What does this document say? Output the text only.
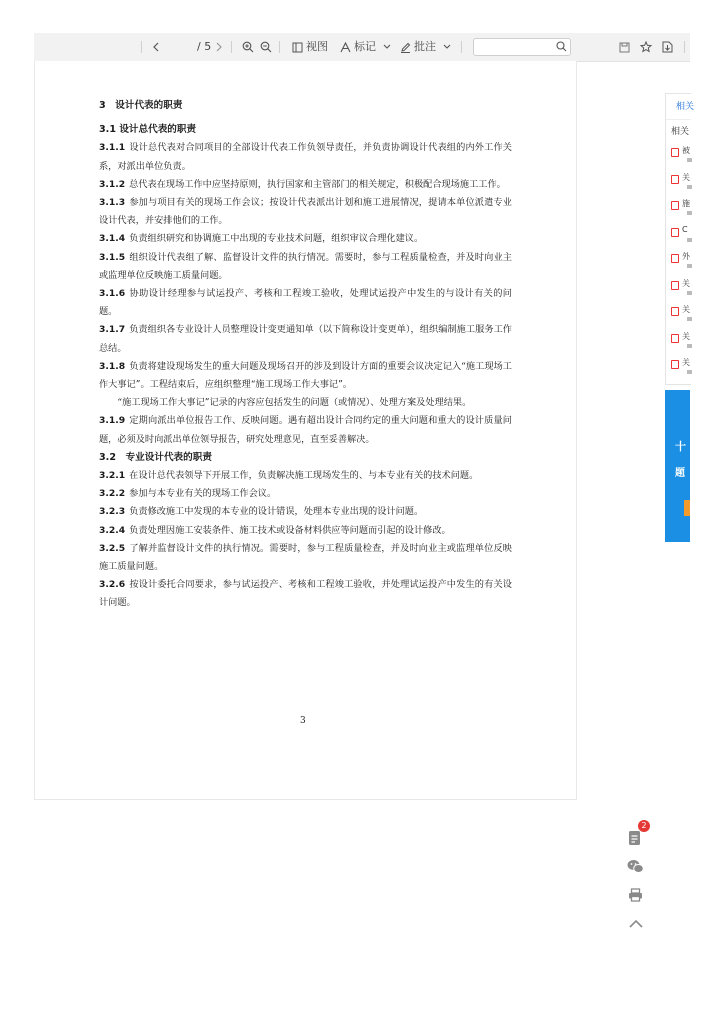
/ 5	视图 标记	批注

3　设计代表的职责

3.1 设计总代表的职责

3.1.1 设计总代表对合同项目的全部设计代表工作负领导责任，并负责协调设计代表组的内外工作关系，对派出单位负责。

3.1.2 总代表在现场工作中应坚持原则，执行国家和主管部门的相关规定，积极配合现场施工工作。

3.1.3 参加与项目有关的现场工作会议；按设计代表派出计划和施工进展情况，提请本单位派遣专业设计代表，并安排他们的工作。

3.1.4 负责组织研究和协调施工中出现的专业技术问题，组织审议合理化建议。

3.1.5 组织设计代表组了解、监督设计文件的执行情况。需要时，参与工程质量检查，并及时向业主或监理单位反映施工质量问题。

3.1.6 协助设计经理参与试运投产、考核和工程竣工验收，处理试运投产中发生的与设计有关的问题。

3.1.7 负责组织各专业设计人员整理设计变更通知单（以下简称设计变更单），组织编制施工服务工作总结。

3.1.8 负责将建设现场发生的重大问题及现场召开的涉及到设计方面的重要会议决定记入“施工现场工作大事记”。工程结束后，应组织整理“施工现场工作大事记”。

“施工现场工作大事记”记录的内容应包括发生的问题（或情况）、处理方案及处理结果。

3.1.9 定期向派出单位报告工作、反映问题。遇有超出设计合同约定的重大问题和重大的设计质量问题，必须及时向派出单位领导报告，研究处理意见，直至妥善解决。

3.2　专业设计代表的职责

3.2.1 在设计总代表领导下开展工作，负责解决施工现场发生的、与本专业有关的技术问题。

3.2.2 参加与本专业有关的现场工作会议。

3.2.3 负责修改施工中发现的本专业的设计错误，处理本专业出现的设计问题。

3.2.4 负责处理因施工安装条件、施工技术或设备材料供应等问题而引起的设计修改。

3.2.5 了解并监督设计文件的执行情况。需要时，参与工程质量检查，并及时向业主或监理单位反映施工质量问题。

3.2.6 按设计委托合同要求，参与试运投产、考核和工程竣工验收，并处理试运投产中发生的有关设计问题。

3
相关
相关
被
关
施
C
外
关
关
关
关
十
题
2
